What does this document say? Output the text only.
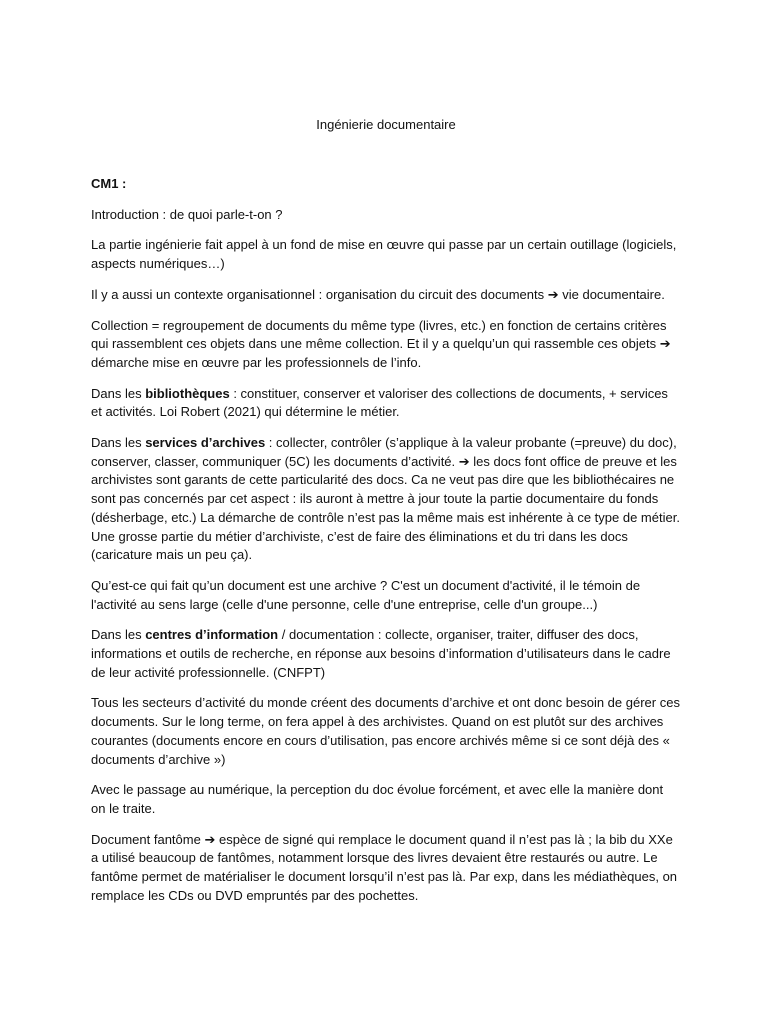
Ingénierie documentaire
CM1 :

Introduction : de quoi parle-t-on ?

La partie ingénierie fait appel à un fond de mise en œuvre qui passe par un certain outillage (logiciels, aspects numériques…)

Il y a aussi un contexte organisationnel : organisation du circuit des documents ➔ vie documentaire.

Collection = regroupement de documents du même type (livres, etc.) en fonction de certains critères qui rassemblent ces objets dans une même collection. Et il y a quelqu’un qui rassemble ces objets ➔ démarche mise en œuvre par les professionnels de l’info.

Dans les bibliothèques : constituer, conserver et valoriser des collections de documents, + services et activités. Loi Robert (2021) qui détermine le métier.

Dans les services d’archives : collecter, contrôler (s’applique à la valeur probante (=preuve) du doc), conserver, classer, communiquer (5C) les documents d’activité. ➔ les docs font office de preuve et les archivistes sont garants de cette particularité des docs. Ca ne veut pas dire que les bibliothécaires ne sont pas concernés par cet aspect : ils auront à mettre à jour toute la partie documentaire du fonds (désherbage, etc.) La démarche de contrôle n’est pas la même mais est inhérente à ce type de métier. Une grosse partie du métier d’archiviste, c’est de faire des éliminations et du tri dans les docs (caricature mais un peu ça).

Qu’est-ce qui fait qu’un document est une archive ? C'est un document d'activité, il le témoin de l'activité au sens large (celle d'une personne, celle d'une entreprise, celle d'un groupe...)

Dans les centres d’information / documentation : collecte, organiser, traiter, diffuser des docs, informations et outils de recherche, en réponse aux besoins d’information d’utilisateurs dans le cadre de leur activité professionnelle. (CNFPT)

Tous les secteurs d’activité du monde créent des documents d’archive et ont donc besoin de gérer ces documents. Sur le long terme, on fera appel à des archivistes. Quand on est plutôt sur des archives courantes (documents encore en cours d’utilisation, pas encore archivés même si ce sont déjà des « documents d’archive »)

Avec le passage au numérique, la perception du doc évolue forcément, et avec elle la manière dont on le traite.

Document fantôme ➔ espèce de signé qui remplace le document quand il n’est pas là ; la bib du XXe a utilisé beaucoup de fantômes, notamment lorsque des livres devaient être restaurés ou autre. Le fantôme permet de matérialiser le document lorsqu’il n’est pas là. Par exp, dans les médiathèques, on remplace les CDs ou DVD empruntés par des pochettes.
